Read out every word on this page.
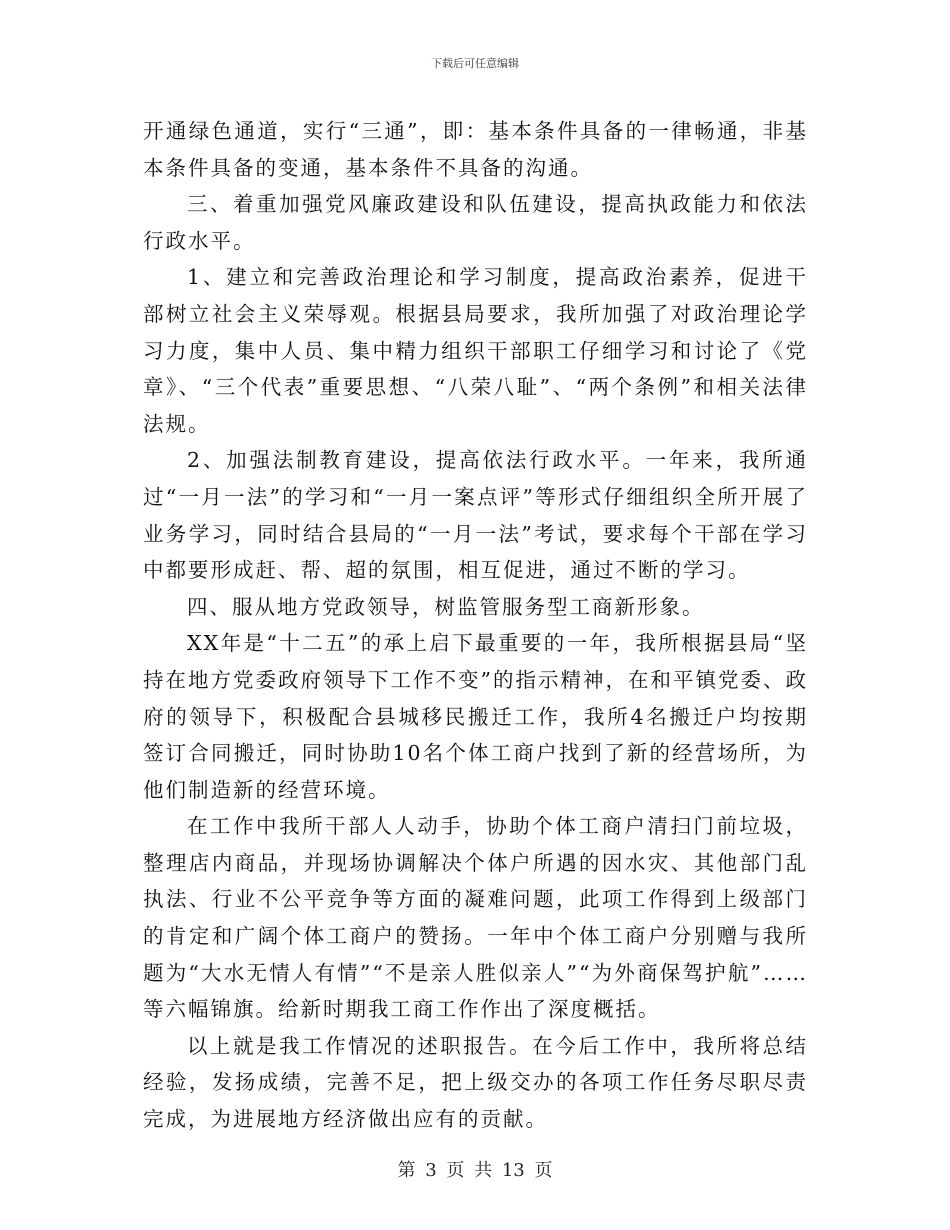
下载后可任意编辑

开通绿色通道，实行“三通”，即：基本条件具备的一律畅通，非基本条件具备的变通，基本条件不具备的沟通。

三、着重加强党风廉政建设和队伍建设，提高执政能力和依法行政水平。

1、建立和完善政治理论和学习制度，提高政治素养，促进干部树立社会主义荣辱观。根据县局要求，我所加强了对政治理论学习力度，集中人员、集中精力组织干部职工仔细学习和讨论了《党章》、“三个代表”重要思想、“八荣八耻”、“两个条例”和相关法律法规。

2、加强法制教育建设，提高依法行政水平。一年来，我所通过“一月一法”的学习和“一月一案点评”等形式仔细组织全所开展了业务学习，同时结合县局的“一月一法”考试，要求每个干部在学习中都要形成赶、帮、超的氛围，相互促进，通过不断的学习。

四、服从地方党政领导，树监管服务型工商新形象。

XX年是“十二五”的承上启下最重要的一年，我所根据县局“坚持在地方党委政府领导下工作不变”的指示精神，在和平镇党委、政府的领导下，积极配合县城移民搬迁工作，我所4名搬迁户均按期签订合同搬迁，同时协助10名个体工商户找到了新的经营场所，为他们制造新的经营环境。

在工作中我所干部人人动手，协助个体工商户清扫门前垃圾，整理店内商品，并现场协调解决个体户所遇的因水灾、其他部门乱执法、行业不公平竞争等方面的凝难问题，此项工作得到上级部门的肯定和广阔个体工商户的赞扬。一年中个体工商户分别赠与我所题为“大水无情人有情”“不是亲人胜似亲人”“为外商保驾护航”……等六幅锦旗。给新时期我工商工作作出了深度概括。

以上就是我工作情况的述职报告。在今后工作中，我所将总结经验，发扬成绩，完善不足，把上级交办的各项工作任务尽职尽责完成，为进展地方经济做出应有的贡献。

第 3 页 共 13 页
